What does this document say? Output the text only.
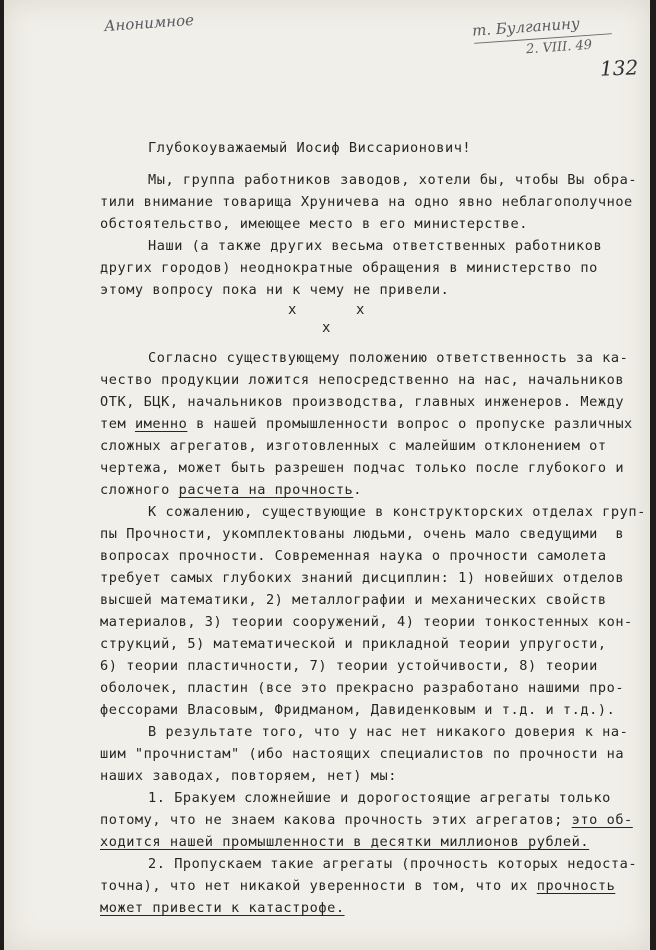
Анонимное	т. Булганину
2. VIII. 49
132

Глубокоуважаемый Иосиф Виссарионович!

Мы, группа работников заводов, хотели бы, чтобы Вы обра-

тили внимание товарища Хруничева на одно явно неблагополучное

обстоятельство, имеющее место в его министерстве.

Наши (а также других весьма ответственных работников

других городов) неоднократные обращения в министерство по

этому вопросу пока ни к чему не привели.

x

	x

x

Согласно существующему положению ответственность за ка-

чество продукции ложится непосредственно на нас, начальников

ОТК, БЦК, начальников производства, главных инженеров. Между

тем именно в нашей промышленности вопрос о пропуске различных

сложных агрегатов, изготовленных с малейшим отклонением от

чертежа, может быть разрешен подчас только после глубокого и

сложного расчета на прочность.

К сожалению, существующие в конструкторских отделах груп-

пы Прочности, укомплектованы людьми, очень мало сведущими  в

вопросах прочности. Современная наука о прочности самолета

требует самых глубоких знаний дисциплин: 1) новейших отделов

высшей математики, 2) металлографии и механических свойств

материалов, 3) теории сооружений, 4) теории тонкостенных кон-

струкций, 5) математической и прикладной теории упругости,

6) теории пластичности, 7) теории устойчивости, 8) теории

оболочек, пластин (все это прекрасно разработано нашими про-

фессорами Власовым, Фридманом, Давиденковым и т.д. и т.д.).

В результате того, что у нас нет никакого доверия к на-

шим "прочнистам" (ибо настоящих специалистов по прочности на

наших заводах, повторяем, нет) мы:

1. Бракуем сложнейшие и дорогостоящие агрегаты только

потому, что не знаем какова прочность этих агрегатов; это об-

ходится нашей промышленности в десятки миллионов рублей.

2. Пропускаем такие агрегаты (прочность которых недоста-

точна), что нет никакой уверенности в том, что их прочность

может привести к катастрофе.
